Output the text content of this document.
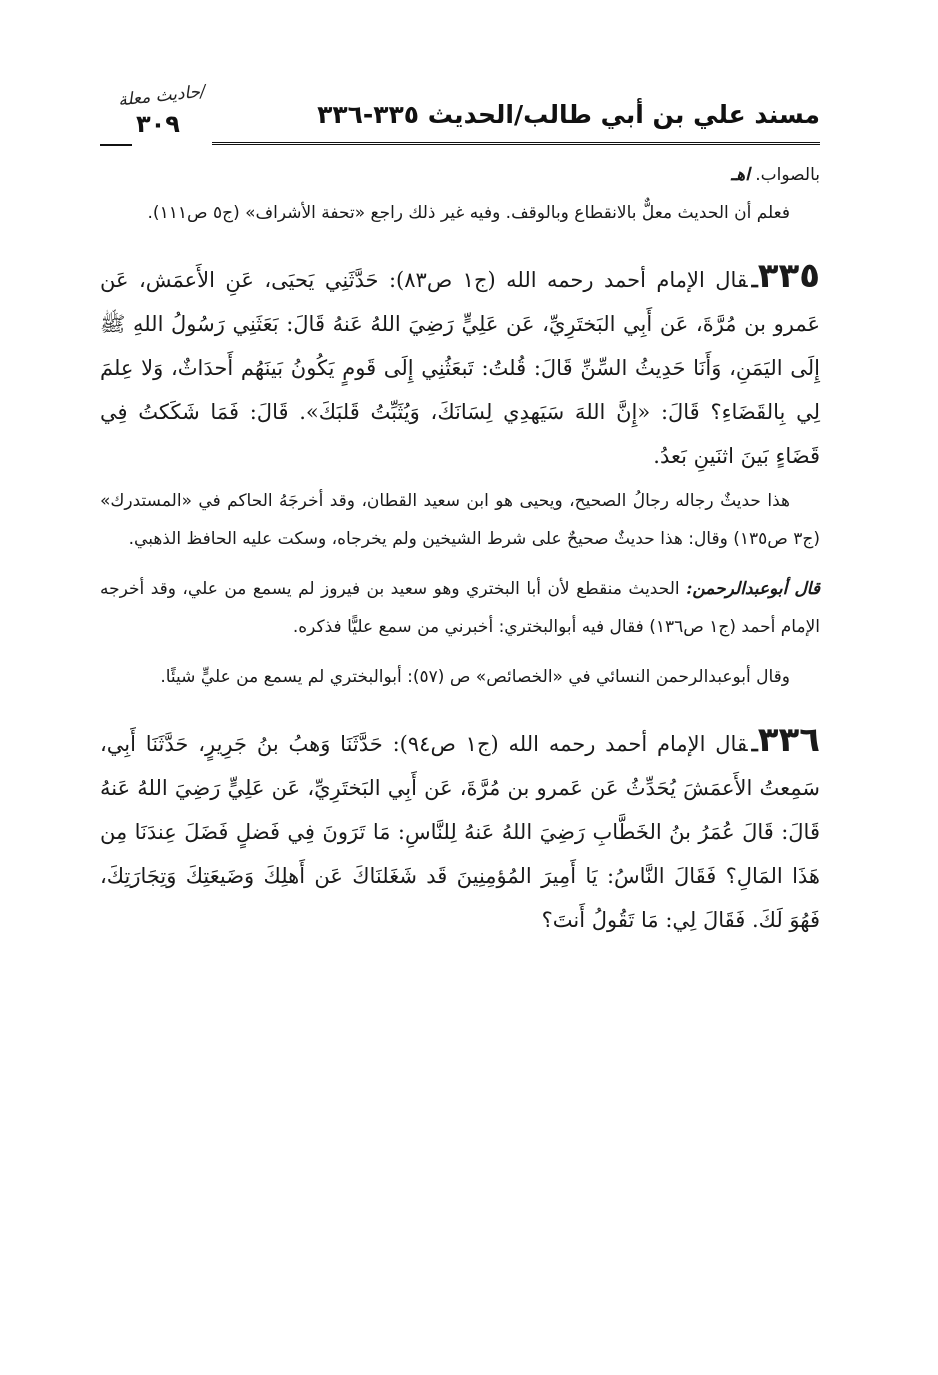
مسند علي بن أبي طالب/الحديث ٣٣٥-٣٣٦
/حاديث معلة
٣٠٩

بالصواب. اهـ

فعلم أن الحديث معلٌّ بالانقطاع وبالوقف. وفيه غير ذلك راجع «تحفة الأشراف» (ج٥ ص١١١).

٣٣٥ـقال الإمام أحمد رحمه الله (ج١ ص٨٣): حَدَّثَنِي يَحيَى، عَنِ الأَعمَش، عَن عَمرو بن مُرَّةَ، عَن أَبِي البَختَرِيِّ، عَن عَلِيٍّ رَضِيَ اللهُ عَنهُ قَالَ: بَعَثَنِي رَسُولُ اللهِ ﷺ إِلَى اليَمَنِ، وَأَنَا حَدِيثُ السِّنِّ قَالَ: قُلتُ: تَبعَثُنِي إِلَى قَومٍ يَكُونُ بَينَهُم أَحدَاثٌ، وَلا عِلمَ لِي بِالقَضَاءِ؟ قَالَ: «إِنَّ اللهَ سَيَهدِي لِسَانَكَ، وَيُثَبِّتُ قَلبَكَ». قَالَ: فَمَا شَكَكتُ فِي قَضَاءٍ بَينَ اثنَينِ بَعدُ.

هذا حديثٌ رجاله رجالُ الصحيح، ويحيى هو ابن سعيد القطان، وقد أخرجَهُ الحاكم في «المستدرك» (ج٣ ص١٣٥) وقال: هذا حديثٌ صحيحٌ على شرط الشيخين ولم يخرجاه، وسكت عليه الحافظ الذهبي.

قال أبوعبدالرحمن: الحديث منقطع لأن أبا البختري وهو سعيد بن فيروز لم يسمع من علي، وقد أخرجه الإمام أحمد (ج١ ص١٣٦) فقال فيه أبوالبختري: أخبرني من سمع عليًّا فذكره.

وقال أبوعبدالرحمن النسائي في «الخصائص» ص (٥٧): أبوالبختري لم يسمع من عليٍّ شيئًا.

٣٣٦ـقال الإمام أحمد رحمه الله (ج١ ص٩٤): حَدَّثَنَا وَهبُ بنُ جَرِيرٍ، حَدَّثَنَا أَبِي، سَمِعتُ الأَعمَشَ يُحَدِّثُ عَن عَمرو بن مُرَّةَ، عَن أَبِي البَختَرِيِّ، عَن عَلِيٍّ رَضِيَ اللهُ عَنهُ قَالَ: قَالَ عُمَرُ بنُ الخَطَّابِ رَضِيَ اللهُ عَنهُ لِلنَّاسِ: مَا تَرَونَ فِي فَضلٍ فَضَلَ عِندَنَا مِن هَذَا المَالِ؟ فَقَالَ النَّاسُ: يَا أَمِيرَ المُؤمِنِينَ قَد شَغَلنَاكَ عَن أَهلِكَ وَضَيعَتِكَ وَتِجَارَتِكَ، فَهُوَ لَكَ. فَقَالَ لِي: مَا تَقُولُ أَنتَ؟
